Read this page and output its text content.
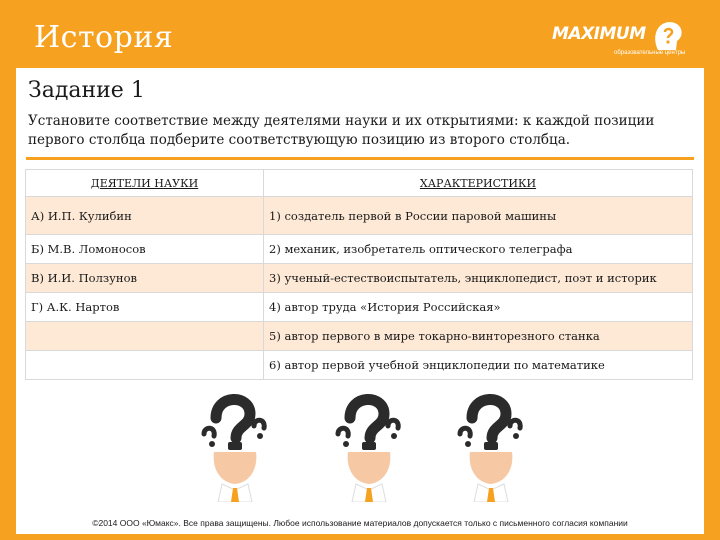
История	MAXIMUM
образовательные центры
Задание 1
Установите соответствие между деятелями науки и их открытиями: к каждой позиции первого столбца подберите соответствующую позицию из второго столбца.
ДЕЯТЕЛИ НАУКИ	ХАРАКТЕРИСТИКИ
А) И.П. Кулибин	1) создатель первой в России паровой машины
Б) М.В. Ломоносов	2) механик, изобретатель оптического телеграфа
В) И.И. Ползунов	3) ученый-естествоиспытатель, энциклопедист, поэт и историк
Г) А.К. Нартов	4) автор труда «История Российская»
	5) автор первого в мире токарно-винторезного станка
	6) автор первой учебной энциклопедии по математике
©2014 ООО «Юмакс». Все права защищены. Любое использование материалов допускается только с письменного согласия компании
